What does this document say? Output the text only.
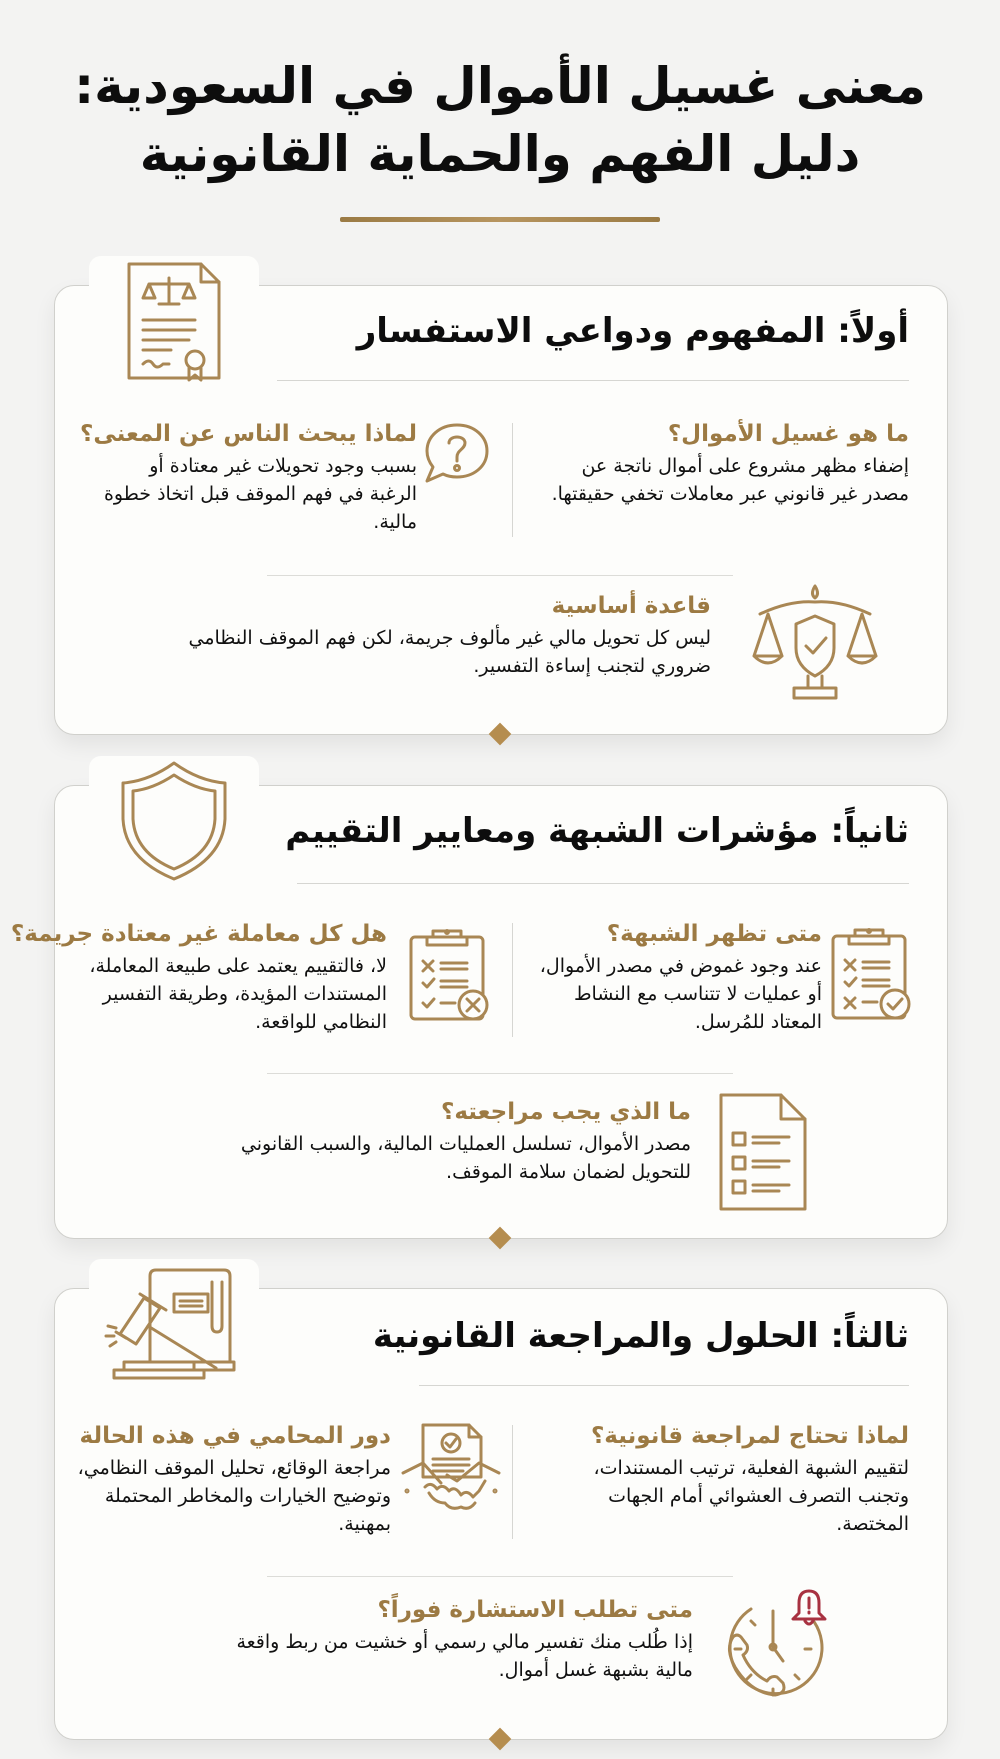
معنى غسيل الأموال في السعودية:
دليل الفهم والحماية القانونية
أولاً: المفهوم ودواعي الاستفسار
ما هو غسيل الأموال؟

إضفاء مظهر مشروع على أموال ناتجة عن مصدر غير قانوني عبر معاملات تخفي حقيقتها.

لماذا يبحث الناس عن المعنى؟

بسبب وجود تحويلات غير معتادة أو الرغبة في فهم الموقف قبل اتخاذ خطوة مالية.

قاعدة أساسية

ليس كل تحويل مالي غير مألوف جريمة، لكن فهم الموقف النظامي ضروري لتجنب إساءة التفسير.

ثانياً: مؤشرات الشبهة ومعايير التقييم
متى تظهر الشبهة؟

عند وجود غموض في مصدر الأموال، أو عمليات لا تتناسب مع النشاط المعتاد للمُرسل.

هل كل معاملة غير معتادة جريمة؟

لا، فالتقييم يعتمد على طبيعة المعاملة، المستندات المؤيدة، وطريقة التفسير النظامي للواقعة.

ما الذي يجب مراجعته؟

مصدر الأموال، تسلسل العمليات المالية، والسبب القانوني للتحويل لضمان سلامة الموقف.

ثالثاً: الحلول والمراجعة القانونية
لماذا تحتاج لمراجعة قانونية؟

لتقييم الشبهة الفعلية، ترتيب المستندات، وتجنب التصرف العشوائي أمام الجهات المختصة.

دور المحامي في هذه الحالة

مراجعة الوقائع، تحليل الموقف النظامي، وتوضيح الخيارات والمخاطر المحتملة بمهنية.

متى تطلب الاستشارة فوراً؟

إذا طُلب منك تفسير مالي رسمي أو خشيت من ربط واقعة مالية بشبهة غسل أموال.
